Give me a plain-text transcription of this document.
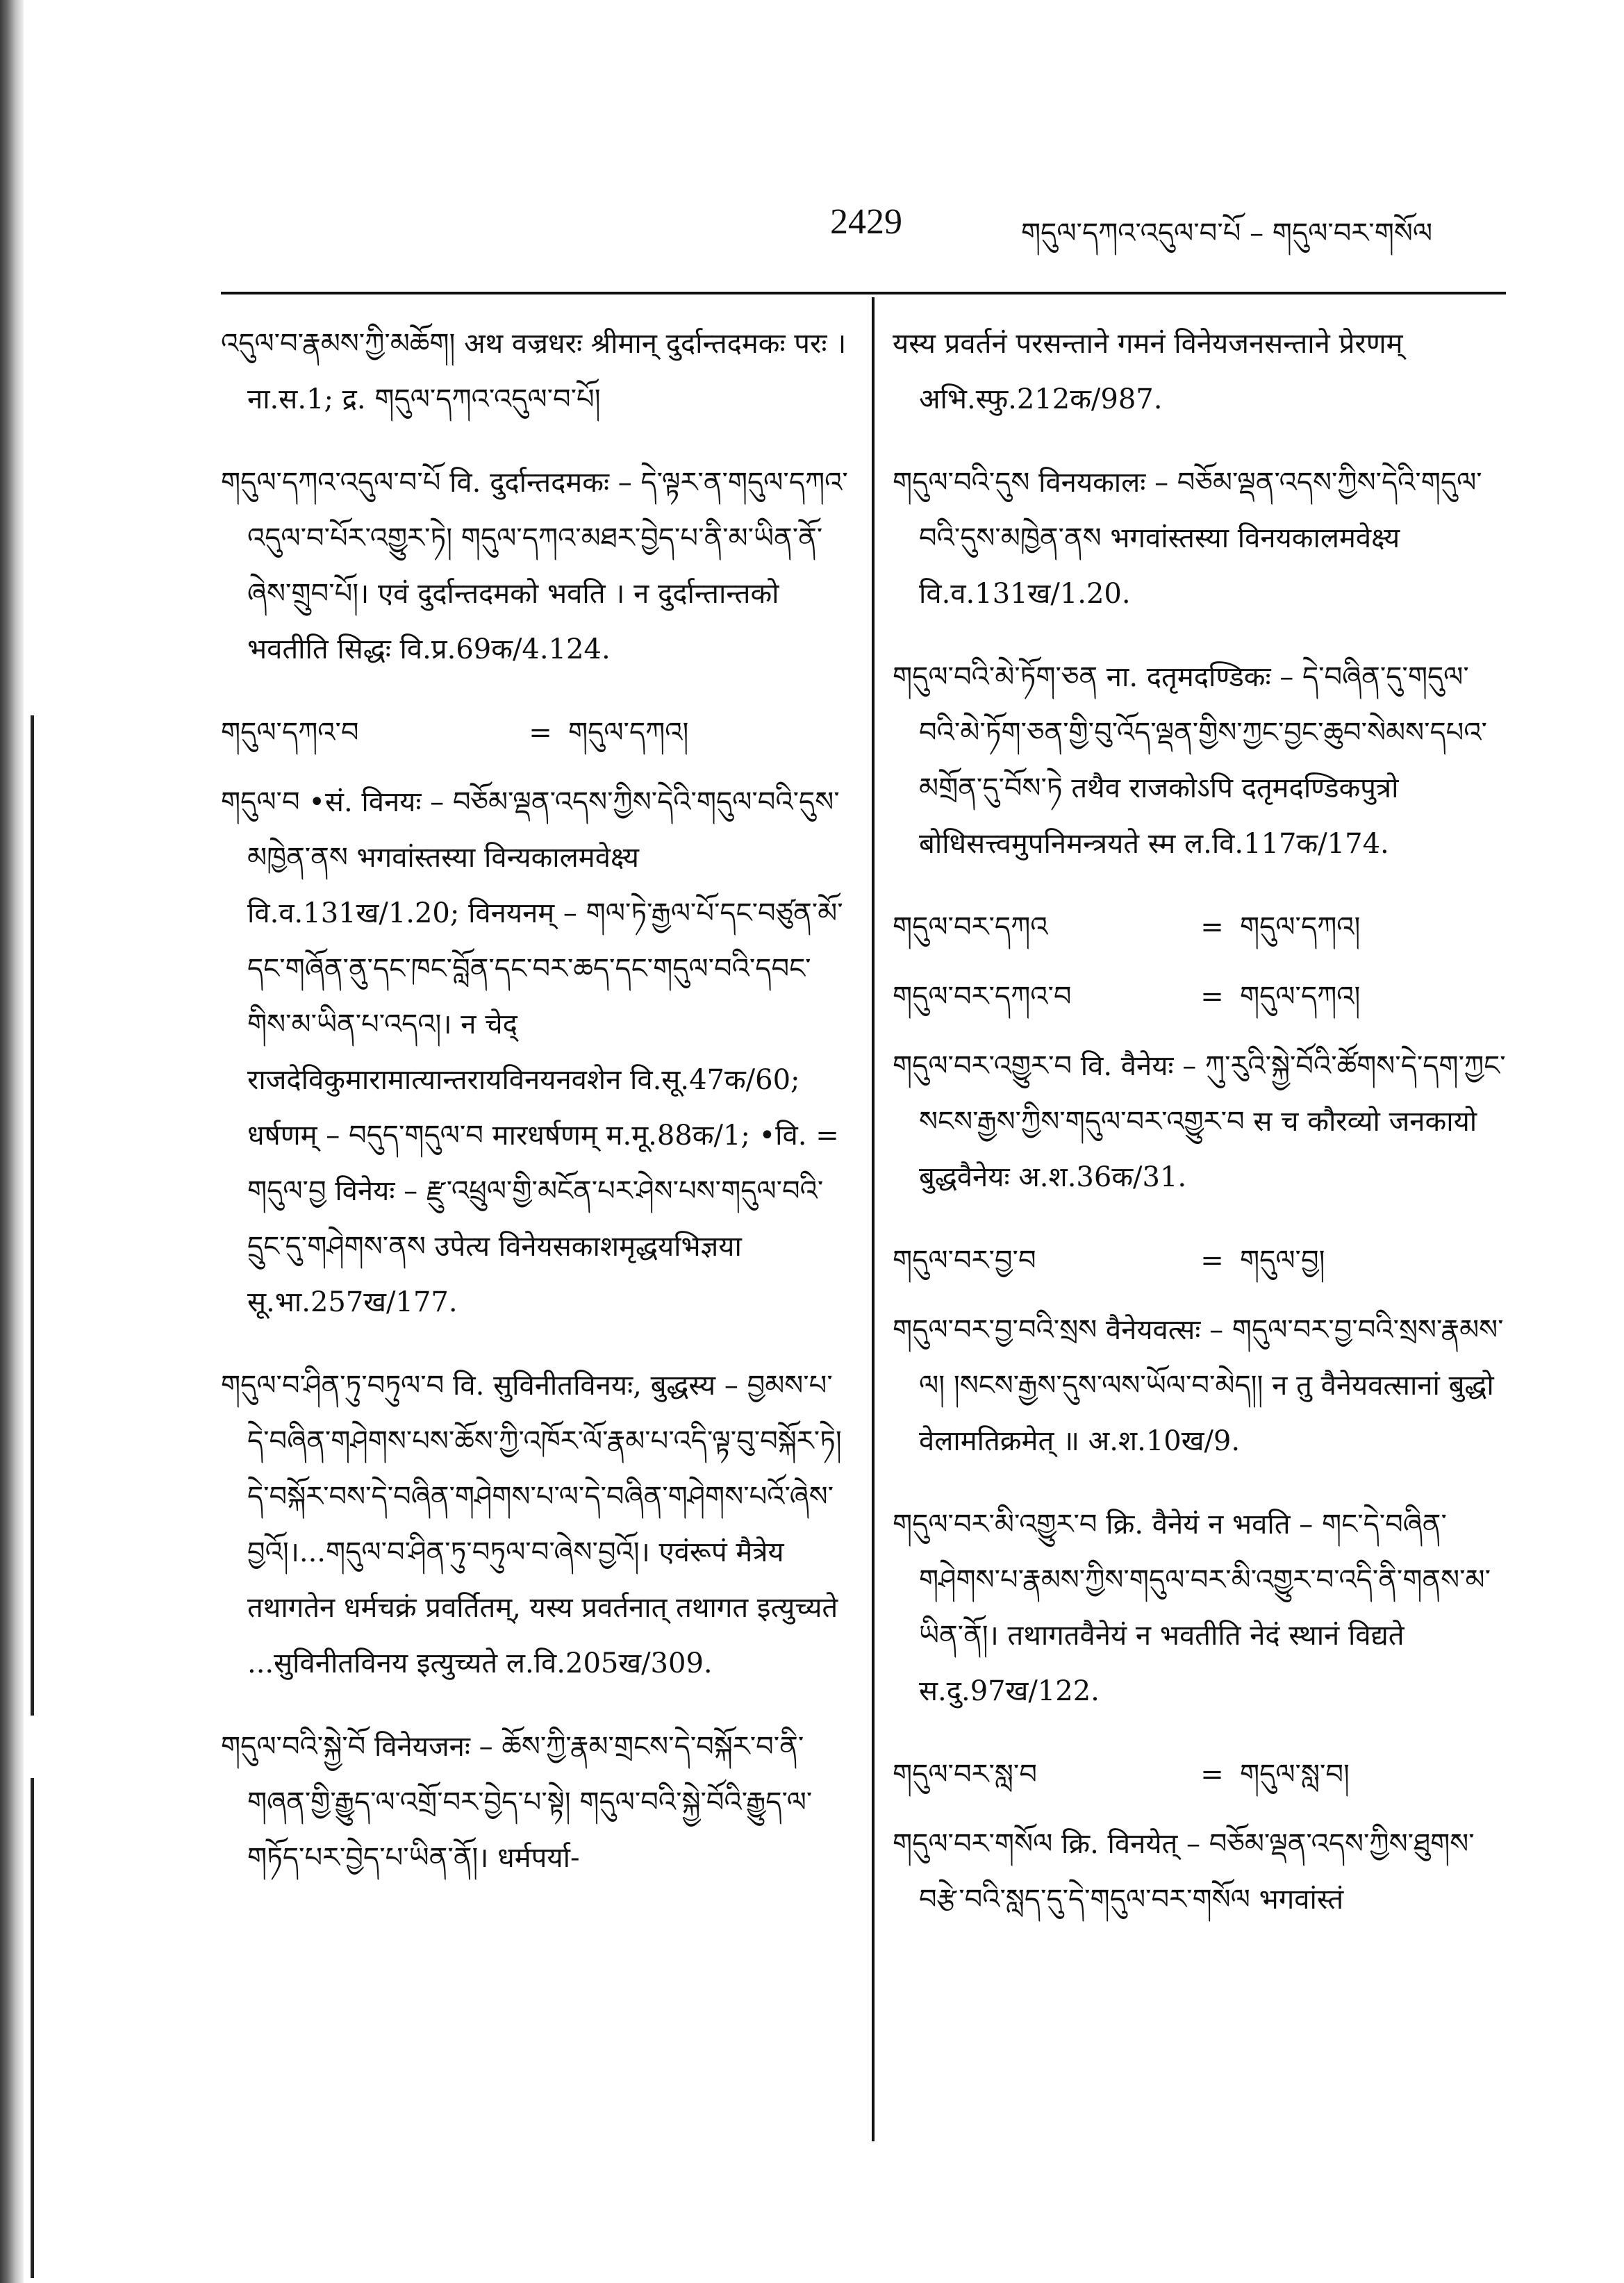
2429	གདུལ་དཀའ་འདུལ་བ་པོ – གདུལ་བར་གསོལ

འདུལ་བ་རྣམས་ཀྱི་མཆོག། अथ वज्रधरः श्रीमान् दुर्दान्तदमकः परः । ना.स.1; द्र. གདུལ་དཀའ་འདུལ་བ་པོ།

གདུལ་དཀའ་འདུལ་བ་པོ वि. दुर्दान्तदमकः – དེ་ལྟར་ན་གདུལ་དཀའ་འདུལ་བ་པོར་འགྱུར་ཏེ། གདུལ་དཀའ་མཐར་བྱེད་པ་ནི་མ་ཡིན་ནོ་ཞེས་གྲུབ་པོ།। एवं दुर्दान्तदमको भवति । न दुर्दान्तान्तको भवतीति सिद्धः वि.प्र.69क/4.124.

གདུལ་དཀའ་བ	= གདུལ་དཀའ།

གདུལ་བ •सं. विनयः – བཅོམ་ལྡན་འདས་ཀྱིས་དེའི་གདུལ་བའི་དུས་མཁྱེན་ནས भगवांस्तस्या विन्यकालमवेक्ष्य वि.व.131ख/1.20; विनयनम् – གལ་ཏེ་རྒྱལ་པོ་དང་བཙུན་མོ་དང་གཞོན་ནུ་དང་ཁང་བློན་དང་བར་ཆད་དང་གདུལ་བའི་དབང་གིས་མ་ཡིན་པ་འདའ།। न चेद् राजदेविकुमारामात्यान्तरायविनयनवशेन वि.सू.47क/60; धर्षणम् – བདུད་གདུལ་བ मारधर्षणम् म.मू.88क/1; •वि. = གདུལ་བྱ विनेयः – རྫུ་འཕྲུལ་གྱི་མངོན་པར་ཤེས་པས་གདུལ་བའི་དྲུང་དུ་གཤེགས་ནས उपेत्य विनेयसकाशमृद्धयभिज्ञया सू.भा.257ख/177.

གདུལ་བ་ཤིན་ཏུ་བཏུལ་བ वि. सुविनीतविनयः, बुद्धस्य – བྱམས་པ་དེ་བཞིན་གཤེགས་པས་ཆོས་ཀྱི་འཁོར་ལོ་རྣམ་པ་འདི་ལྟ་བུ་བསྐོར་ཏེ། དེ་བསྐོར་བས་དེ་བཞིན་གཤེགས་པ་ལ་དེ་བཞིན་གཤེགས་པའོ་ཞེས་བྱའོ།।...གདུལ་བ་ཤིན་ཏུ་བཏུལ་བ་ཞེས་བྱའོ།। एवंरूपं मैत्रेय तथागतेन धर्मचक्रं प्रवर्तितम्, यस्य प्रवर्तनात् तथागत इत्युच्यते ...सुविनीतविनय इत्युच्यते ल.वि.205ख/309.

གདུལ་བའི་སྐྱེ་བོ विनेयजनः – ཆོས་ཀྱི་རྣམ་གྲངས་དེ་བསྐོར་བ་ནི་གཞན་གྱི་རྒྱུད་ལ་འགྲོ་བར་བྱེད་པ་སྟེ། གདུལ་བའི་སྐྱེ་བོའི་རྒྱུད་ལ་གཏོད་པར་བྱེད་པ་ཡིན་ནོ།। धर्मपर्या-

यस्य प्रवर्तनं परसन्ताने गमनं विनेयजनसन्ताने प्रेरणम् अभि.स्फु.212क/987.

གདུལ་བའི་དུས विनयकालः – བཅོམ་ལྡན་འདས་ཀྱིས་དེའི་གདུལ་བའི་དུས་མཁྱེན་ནས भगवांस्तस्या विनयकालमवेक्ष्य वि.व.131ख/1.20.

གདུལ་བའི་མེ་ཏོག་ཅན ना. दतृमदण्डिकः – དེ་བཞིན་དུ་གདུལ་བའི་མེ་ཏོག་ཅན་གྱི་བུ་འོད་ལྡན་གྱིས་ཀྱང་བྱང་ཆུབ་སེམས་དཔའ་མགྲོན་དུ་བོས་ཏེ तथैव राजकोऽपि दतृमदण्डिकपुत्रो बोधिसत्त्वमुपनिमन्त्रयते स्म ल.वि.117क/174.

གདུལ་བར་དཀའ	= གདུལ་དཀའ།
གདུལ་བར་དཀའ་བ	= གདུལ་དཀའ།

གདུལ་བར་འགྱུར་བ वि. वैनेयः – ཀུ་རུའི་སྐྱེ་བོའི་ཚོགས་དེ་དག་ཀྱང་སངས་རྒྱས་ཀྱིས་གདུལ་བར་འགྱུར་བ स च कौरव्यो जनकायो बुद्धवैनेयः अ.श.36क/31.

གདུལ་བར་བྱ་བ	= གདུལ་བྱ།

གདུལ་བར་བྱ་བའི་སྲས वैनेयवत्सः – གདུལ་བར་བྱ་བའི་སྲས་རྣམས་ལ། །སངས་རྒྱས་དུས་ལས་ཡོལ་བ་མེད།། न तु वैनेयवत्सानां बुद्धो वेलामतिक्रमेत् ॥ अ.श.10ख/9.

གདུལ་བར་མི་འགྱུར་བ क्रि. वैनेयं न भवति – གང་དེ་བཞིན་གཤེགས་པ་རྣམས་ཀྱིས་གདུལ་བར་མི་འགྱུར་བ་འདི་ནི་གནས་མ་ཡིན་ནོ།। तथागतवैनेयं न भवतीति नेदं स्थानं विद्यते स.दु.97ख/122.

གདུལ་བར་སླ་བ	= གདུལ་སླ་བ།

གདུལ་བར་གསོལ क्रि. विनयेत् – བཅོམ་ལྡན་འདས་ཀྱིས་ཐུགས་བརྩེ་བའི་སླད་དུ་དེ་གདུལ་བར་གསོལ भगवांस्तं
